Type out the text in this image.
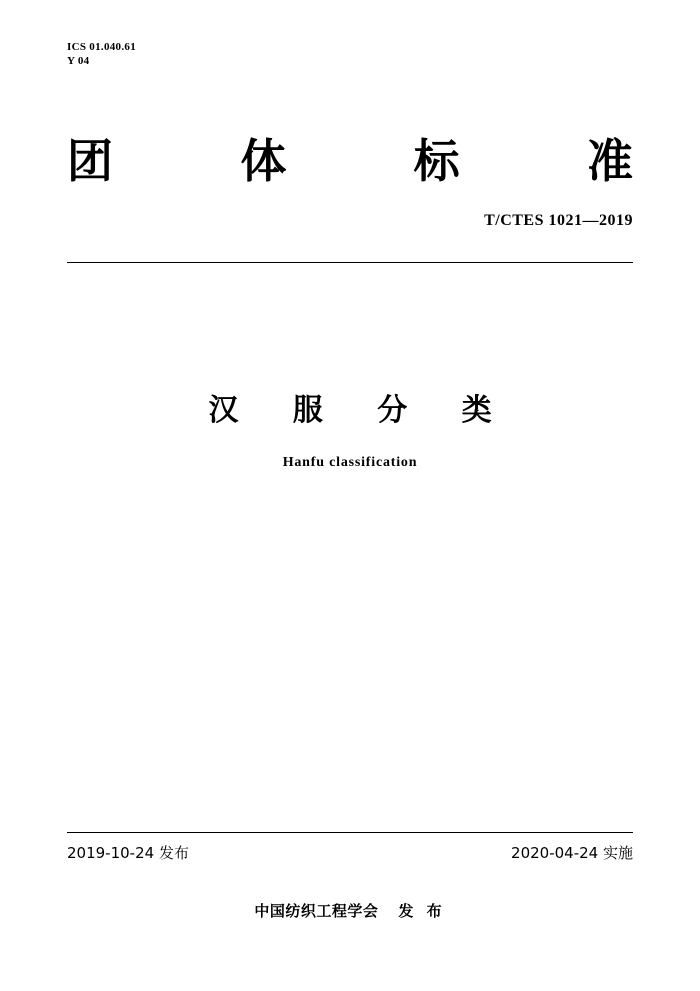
ICS 01.040.61
Y 04
团	体	标	准
T/CTES 1021—2019
汉 服 分 类
Hanfu classification
2019-10-24 发布	2020-04-24 实施
中国纺织工程学会 发 布
